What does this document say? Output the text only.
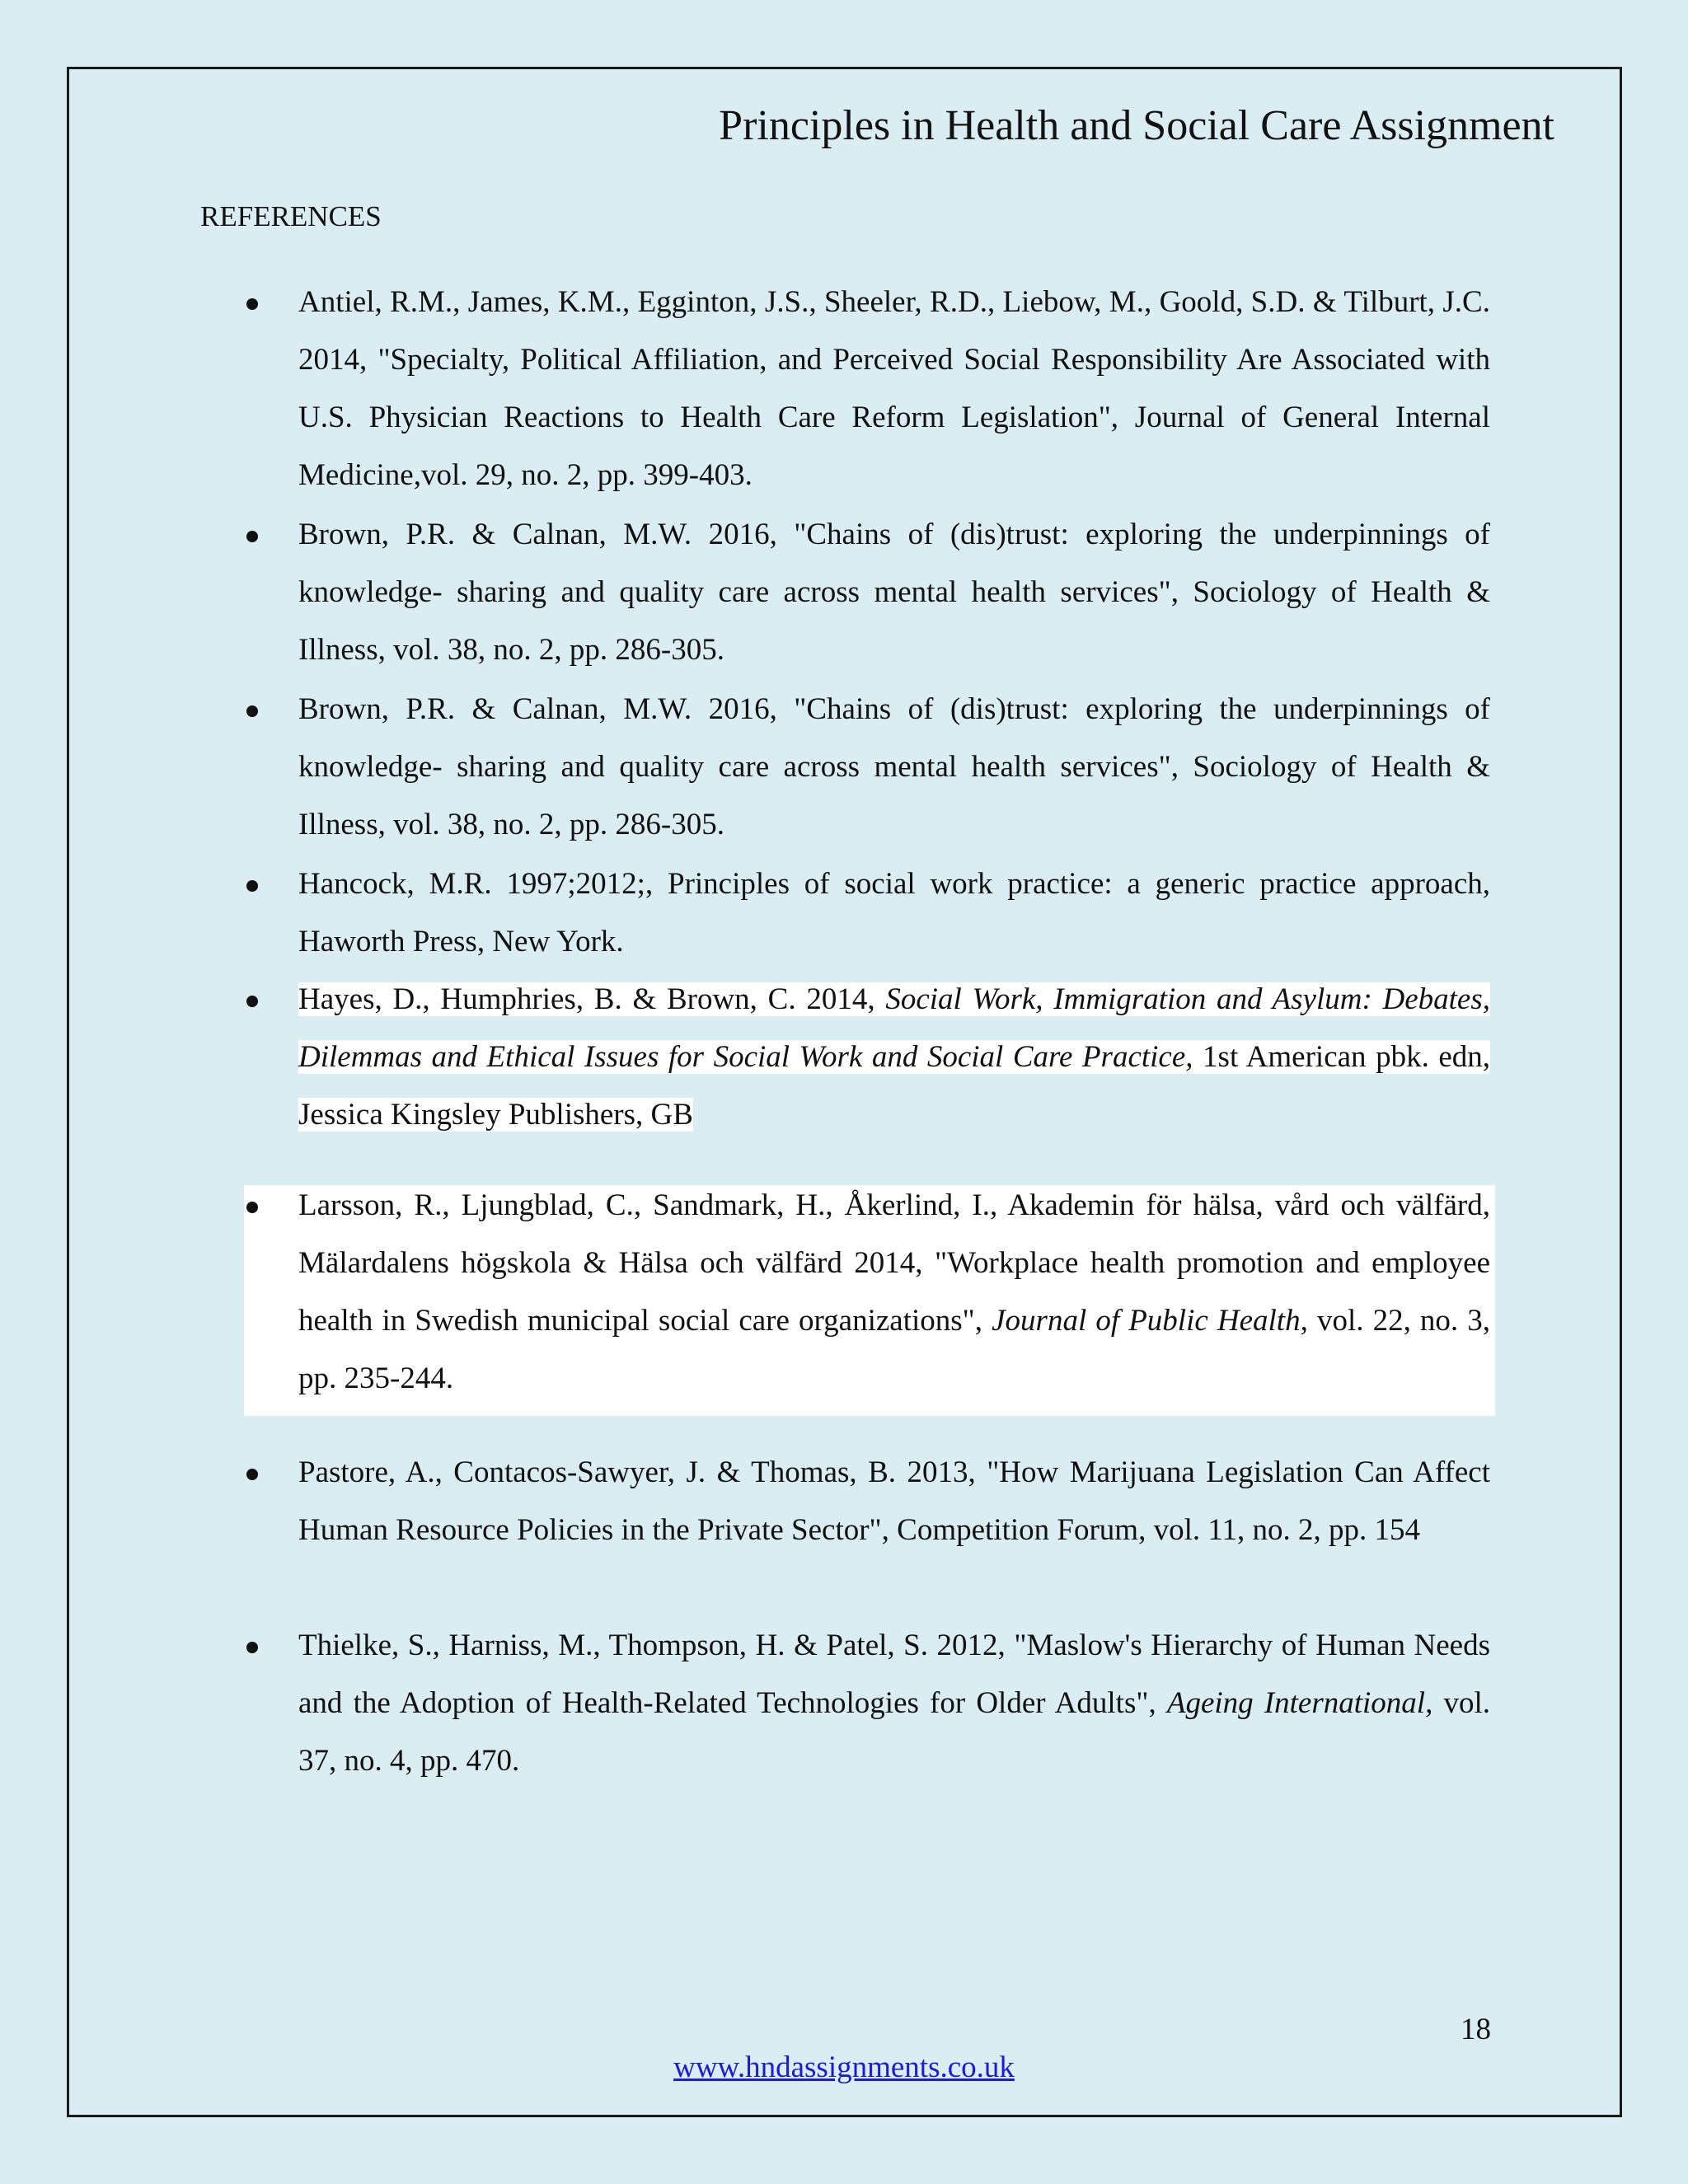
Principles in Health and Social Care Assignment
REFERENCES
Antiel, R.M., James, K.M., Egginton, J.S., Sheeler, R.D., Liebow, M., Goold, S.D. & Tilburt, J.C. 2014, "Specialty, Political Affiliation, and Perceived Social Responsibility Are Associated with U.S. Physician Reactions to Health Care Reform Legislation", Journal of General Internal Medicine,vol. 29, no. 2, pp. 399-403.
Brown, P.R. & Calnan, M.W. 2016, "Chains of (dis)trust: exploring the underpinnings of knowledge- sharing and quality care across mental health services", Sociology of Health & Illness, vol. 38, no. 2, pp. 286-305.
Brown, P.R. & Calnan, M.W. 2016, "Chains of (dis)trust: exploring the underpinnings of knowledge- sharing and quality care across mental health services", Sociology of Health & Illness, vol. 38, no. 2, pp. 286-305.
Hancock, M.R. 1997;2012;, Principles of social work practice: a generic practice approach, Haworth Press, New York.
Hayes, D., Humphries, B. & Brown, C. 2014, Social Work, Immigration and Asylum: Debates, Dilemmas and Ethical Issues for Social Work and Social Care Practice, 1st American pbk. edn, Jessica Kingsley Publishers, GB
Larsson, R., Ljungblad, C., Sandmark, H., Åkerlind, I., Akademin för hälsa, vård och välfärd, Mälardalens högskola & Hälsa och välfärd 2014, "Workplace health promotion and employee health in Swedish municipal social care organizations", Journal of Public Health, vol. 22, no. 3, pp. 235-244.
Pastore, A., Contacos-Sawyer, J. & Thomas, B. 2013, "How Marijuana Legislation Can Affect Human Resource Policies in the Private Sector", Competition Forum, vol. 11, no. 2, pp. 154
Thielke, S., Harniss, M., Thompson, H. & Patel, S. 2012, "Maslow's Hierarchy of Human Needs and the Adoption of Health-Related Technologies for Older Adults", Ageing International, vol. 37, no. 4, pp. 470.
18
www.hndassignments.co.uk
